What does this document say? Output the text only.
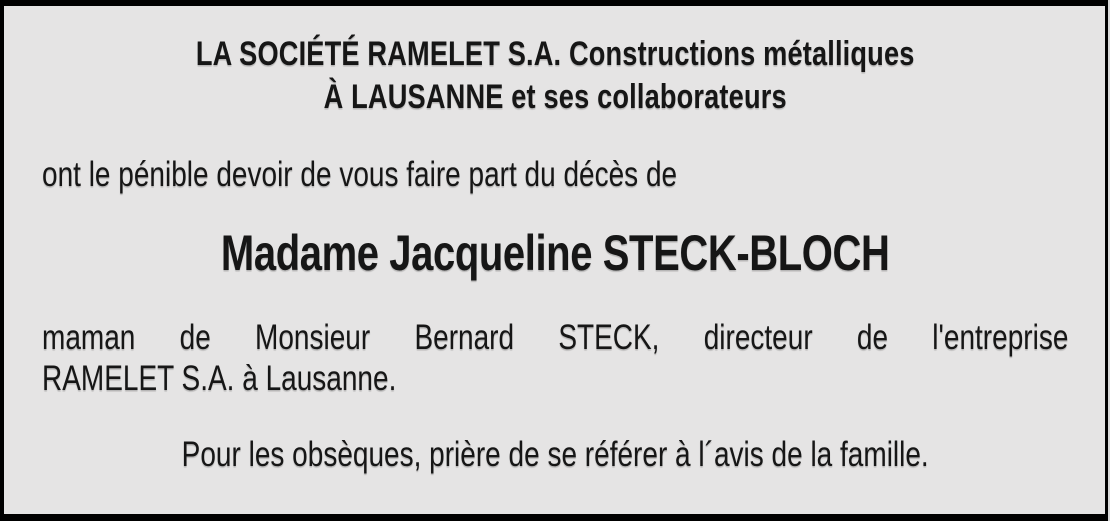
LA SOCIÉTÉ RAMELET S.A. Constructions métalliques
À LAUSANNE et ses collaborateurs
ont le pénible devoir de vous faire part du décès de
Madame Jacqueline STECK-BLOCH
maman de Monsieur Bernard STECK, directeur de l'entreprise
RAMELET S.A. à Lausanne.
Pour les obsèques, prière de se référer à l´avis de la famille.
